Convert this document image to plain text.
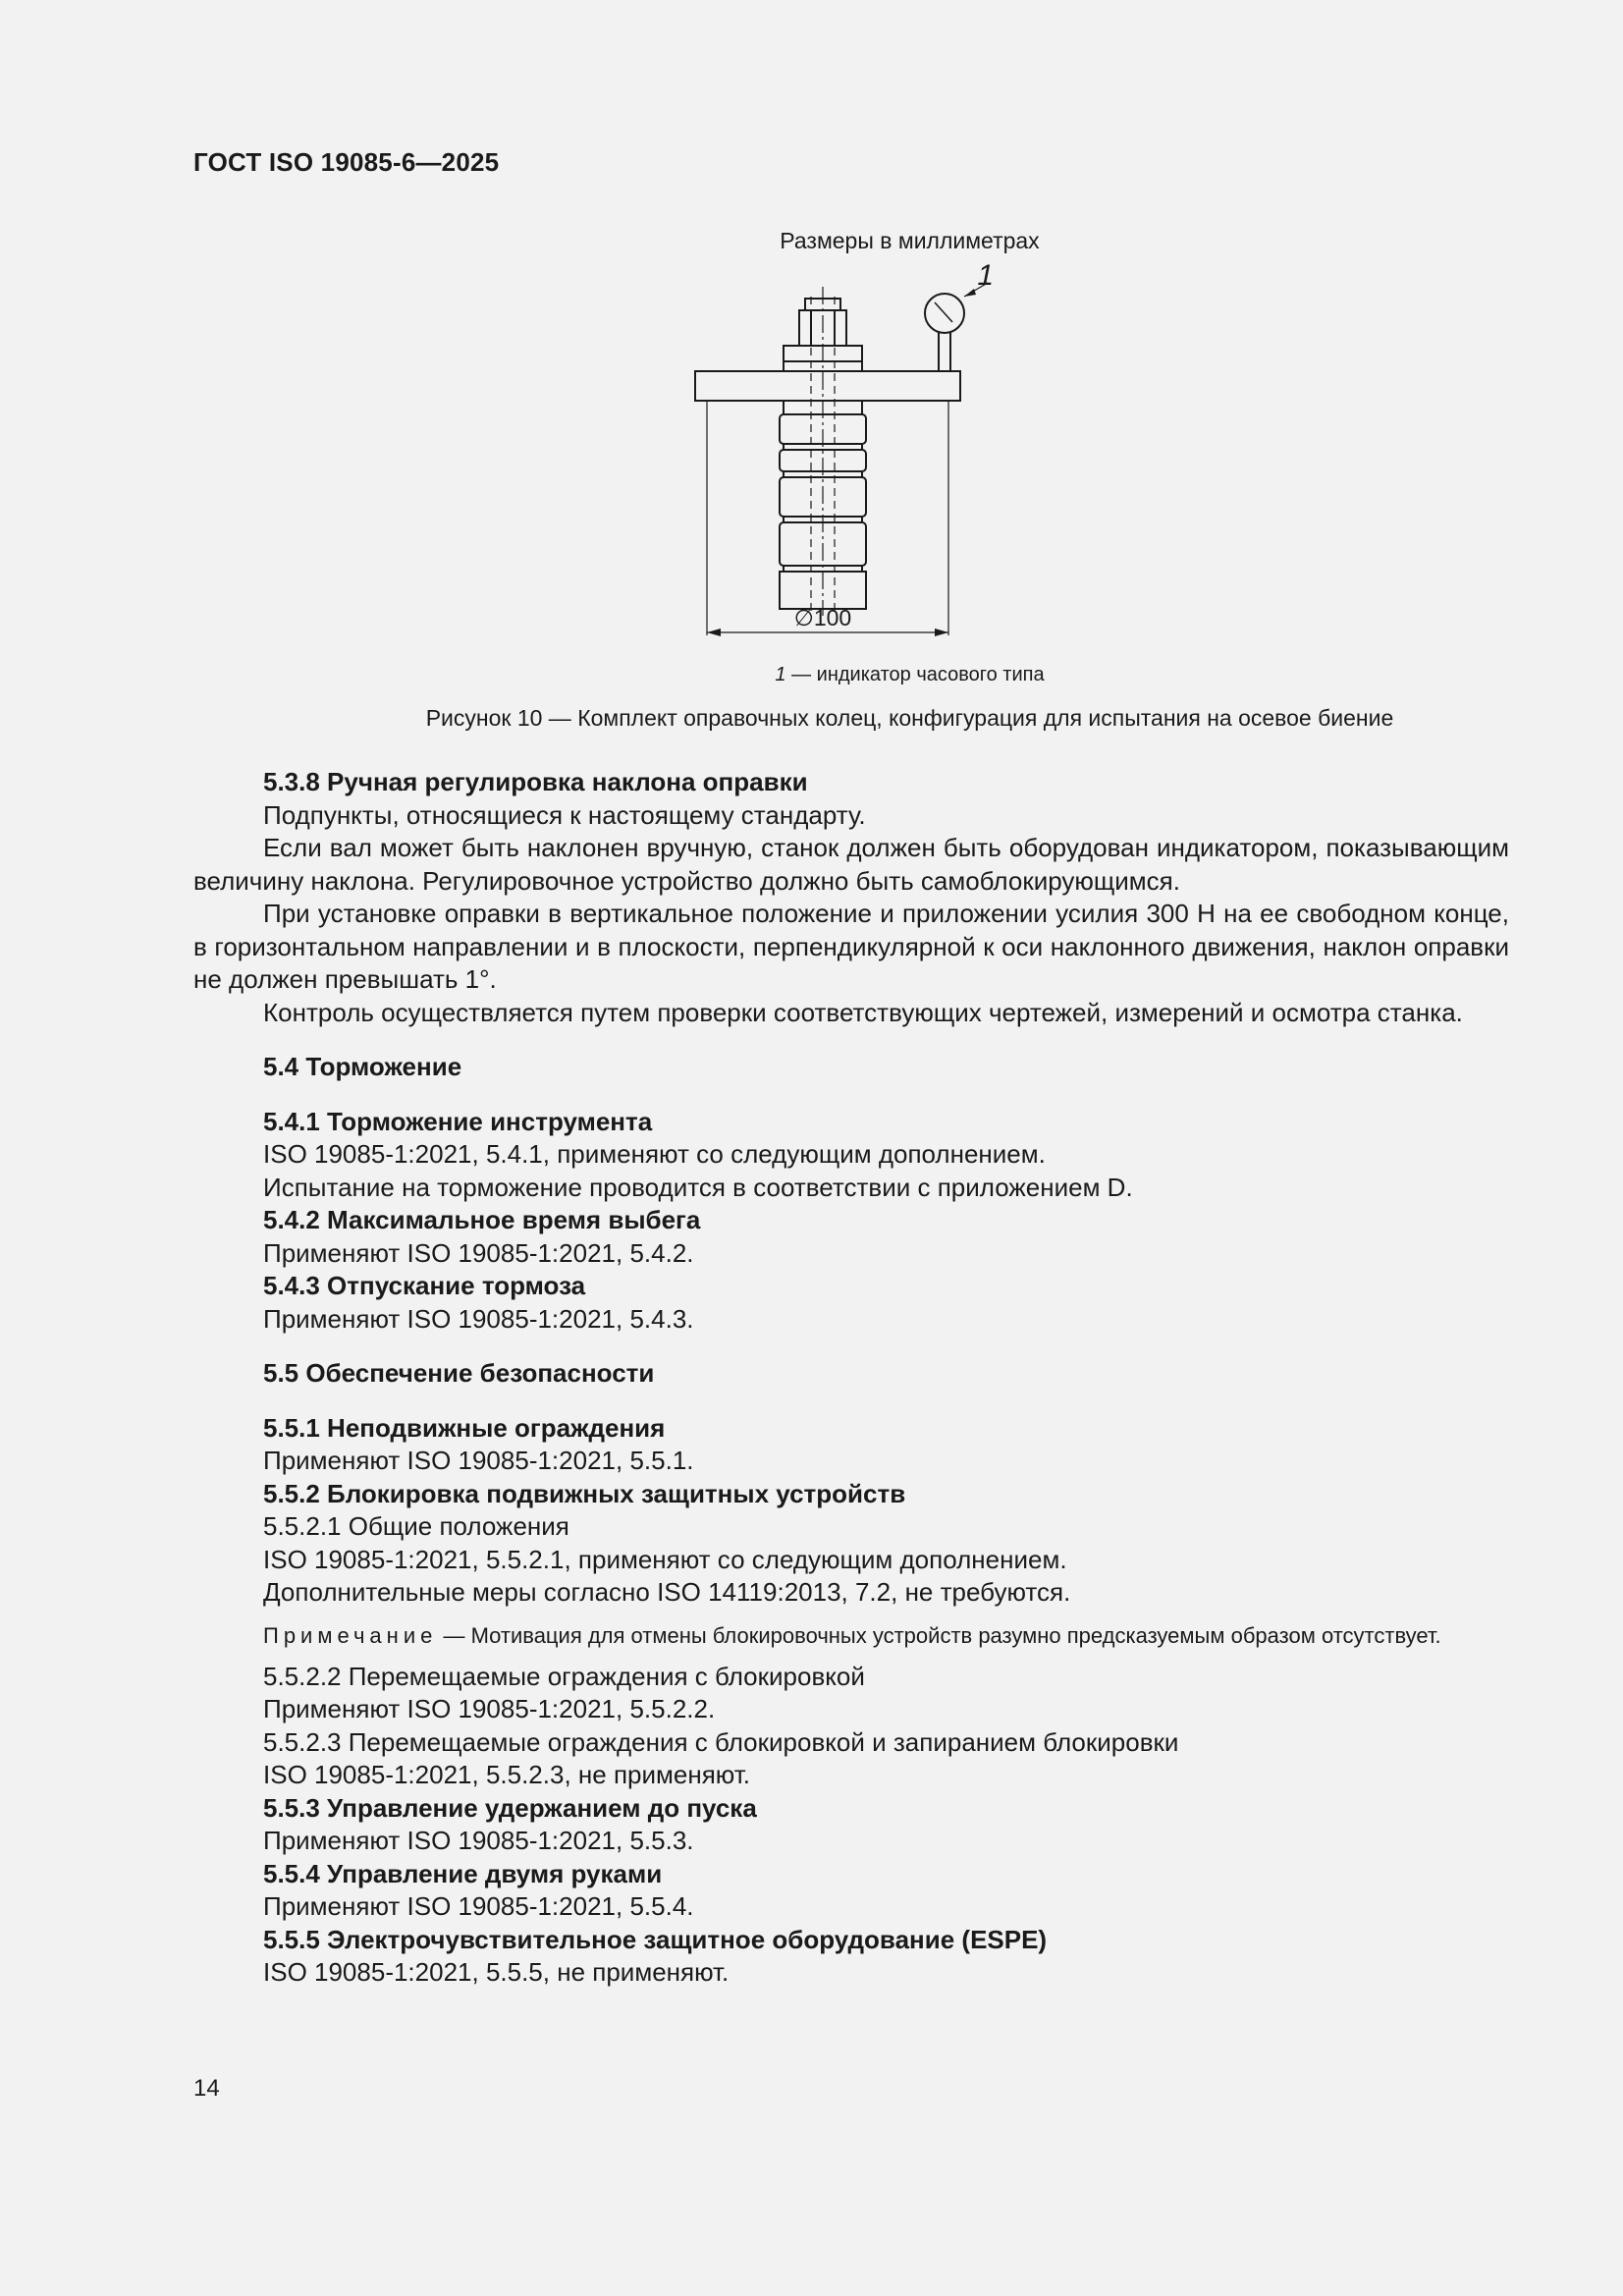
ГОСТ ISO 19085-6—2025
Размеры в миллиметрах
1
∅100
1 — индикатор часового типа
Рисунок 10 — Комплект оправочных колец, конфигурация для испытания на осевое биение

5.3.8 Ручная регулировка наклона оправки

Подпункты, относящиеся к настоящему стандарту.

Если вал может быть наклонен вручную, станок должен быть оборудован индикатором, показывающим величину наклона. Регулировочное устройство должно быть самоблокирующимся.

При установке оправки в вертикальное положение и приложении усилия 300 Н на ее свободном конце, в горизонтальном направлении и в плоскости, перпендикулярной к оси наклонного движения, наклон оправки не должен превышать 1°.

Контроль осуществляется путем проверки соответствующих чертежей, измерений и осмотра станка.

5.4 Торможение

5.4.1 Торможение инструмента

ISO 19085-1:2021, 5.4.1, применяют со следующим дополнением.

Испытание на торможение проводится в соответствии с приложением D.

5.4.2 Максимальное время выбега

Применяют ISO 19085-1:2021, 5.4.2.

5.4.3 Отпускание тормоза

Применяют ISO 19085-1:2021, 5.4.3.

5.5 Обеспечение безопасности

5.5.1 Неподвижные ограждения

Применяют ISO 19085-1:2021, 5.5.1.

5.5.2 Блокировка подвижных защитных устройств

5.5.2.1 Общие положения

ISO 19085-1:2021, 5.5.2.1, применяют со следующим дополнением.

Дополнительные меры согласно ISO 14119:2013, 7.2, не требуются.

Примечание — Мотивация для отмены блокировочных устройств разумно предсказуемым образом отсутствует.

5.5.2.2 Перемещаемые ограждения с блокировкой

Применяют ISO 19085-1:2021, 5.5.2.2.

5.5.2.3 Перемещаемые ограждения с блокировкой и запиранием блокировки

ISO 19085-1:2021, 5.5.2.3, не применяют.

5.5.3 Управление удержанием до пуска

Применяют ISO 19085-1:2021, 5.5.3.

5.5.4 Управление двумя руками

Применяют ISO 19085-1:2021, 5.5.4.

5.5.5 Электрочувствительное защитное оборудование (ESPE)

ISO 19085-1:2021, 5.5.5, не применяют.

14
